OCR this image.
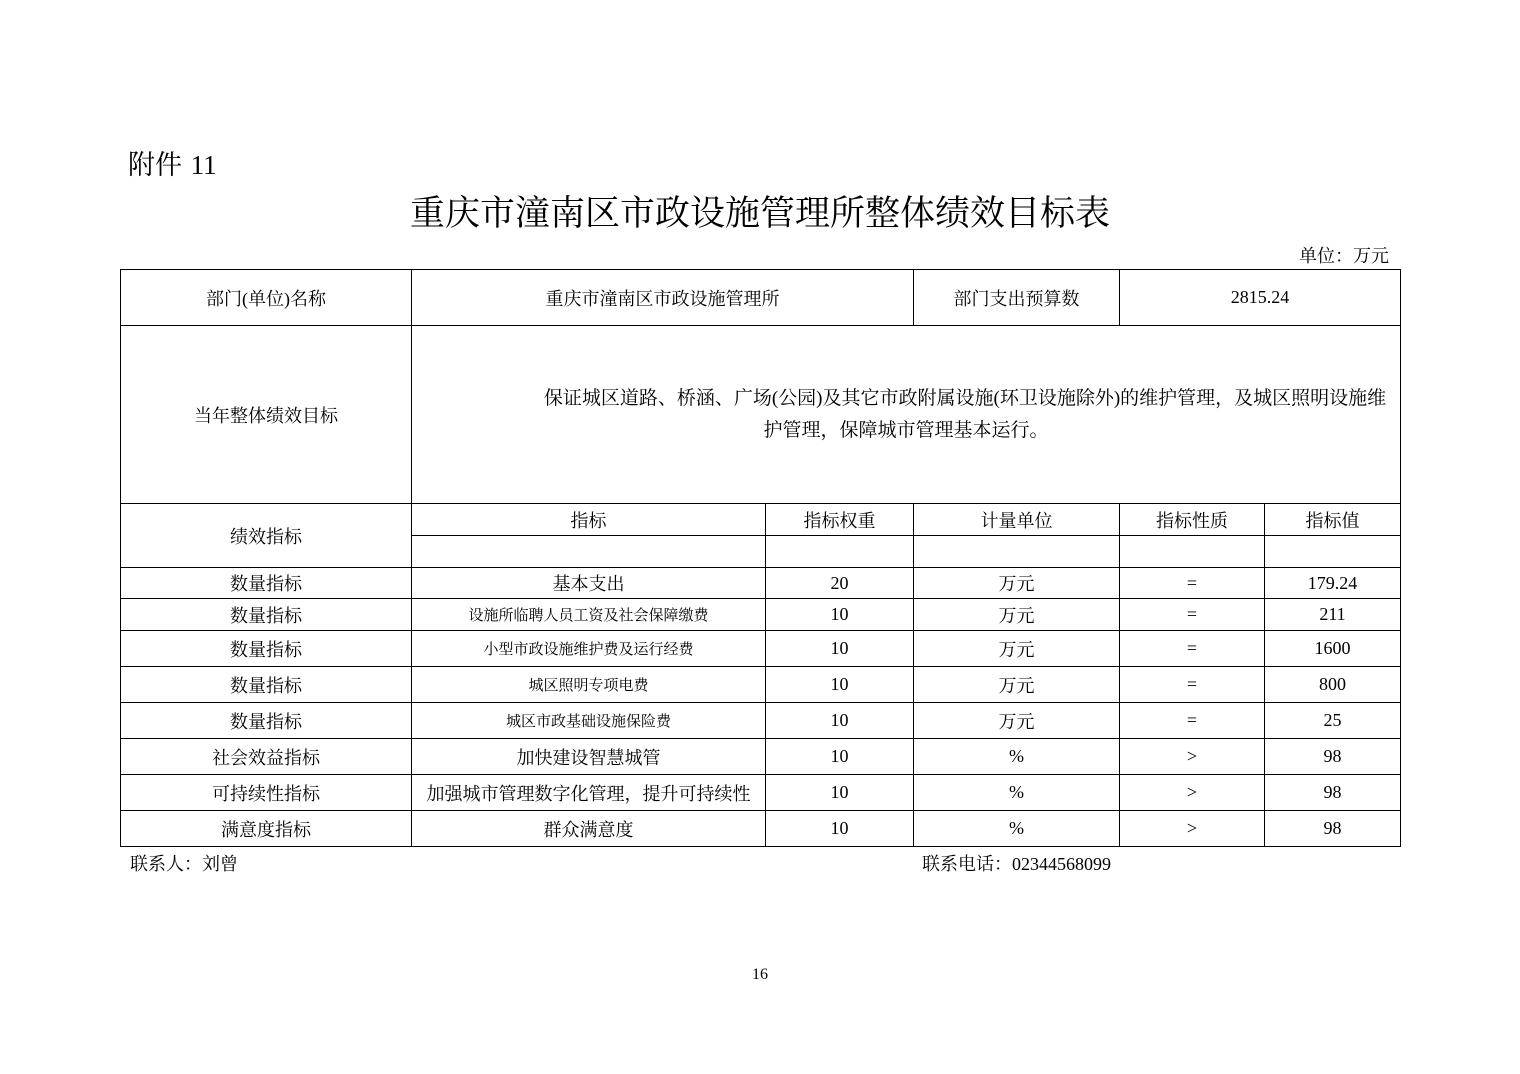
附件 11
重庆市潼南区市政设施管理所整体绩效目标表
单位：万元
部门(单位)名称	重庆市潼南区市政设施管理所		部门支出预算数	2815.24	
当年整体绩效目标	保证城区道路、桥涵、广场(公园)及其它市政附属设施(环卫设施除外)的维护管理，及城区照明设施维护管理，保障城市管理基本运行。				
绩效指标	指标	指标权重	计量单位	指标性质	指标值

数量指标	基本支出	20	万元	=	179.24
数量指标	设施所临聘人员工资及社会保障缴费	10	万元	=	211
数量指标	小型市政设施维护费及运行经费	10	万元	=	1600
数量指标	城区照明专项电费	10	万元	=	800
数量指标	城区市政基础设施保险费	10	万元	=	25
社会效益指标	加快建设智慧城管	10	%	>	98
可持续性指标	加强城市管理数字化管理，提升可持续性	10	%	>	98
满意度指标	群众满意度	10	%	>	98
联系人：刘曾	联系电话：02344568099
16
